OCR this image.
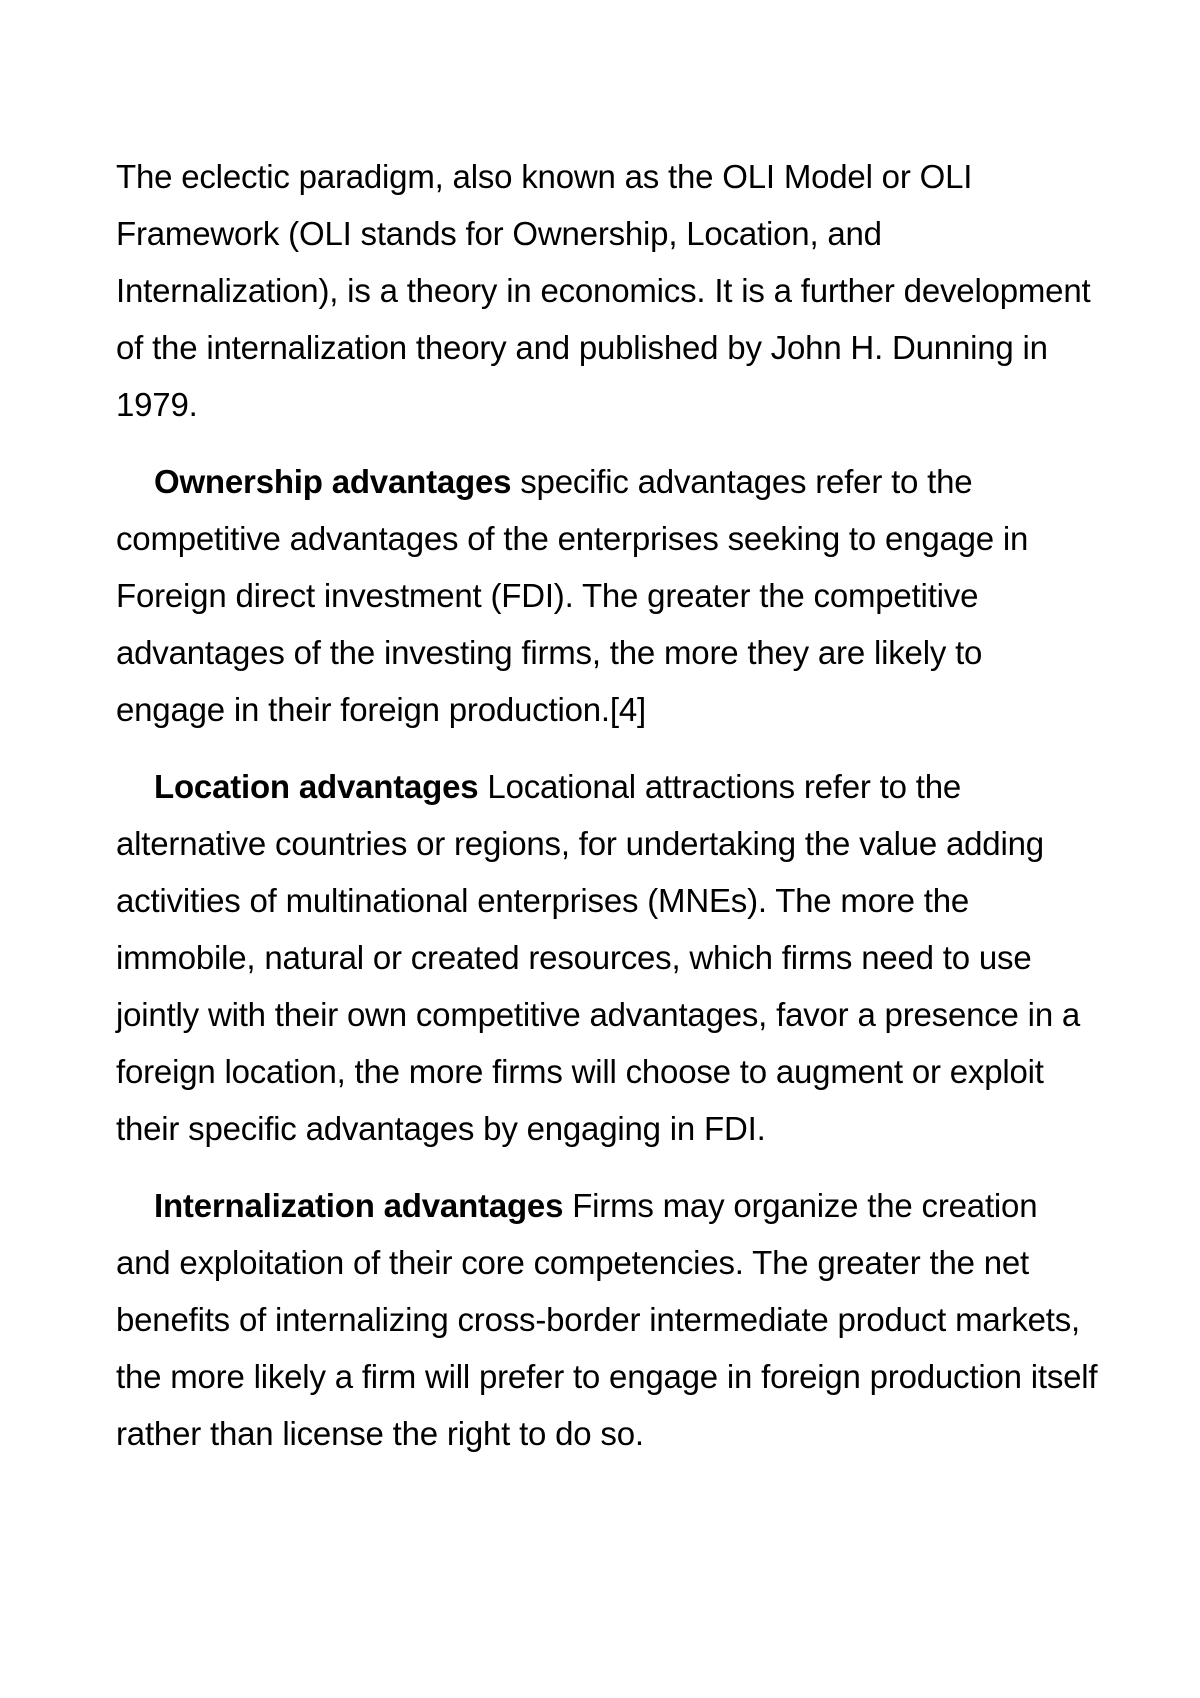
The eclectic paradigm, also known as the OLI Model or OLI Framework (OLI stands for Ownership, Location, and Internalization), is a theory in economics. It is a further development of the internalization theory and published by John H. Dunning in 1979.

Ownership advantages specific advantages refer to the competitive advantages of the enterprises seeking to engage in Foreign direct investment (FDI). The greater the competitive advantages of the investing firms, the more they are likely to engage in their foreign production.[4]

Location advantages Locational attractions refer to the alternative countries or regions, for undertaking the value adding activities of multinational enterprises (MNEs). The more the immobile, natural or created resources, which firms need to use jointly with their own competitive advantages, favor a presence in a foreign location, the more firms will choose to augment or exploit their specific advantages by engaging in FDI.

Internalization advantages Firms may organize the creation and exploitation of their core competencies. The greater the net benefits of internalizing cross-border intermediate product markets, the more likely a firm will prefer to engage in foreign production itself rather than license the right to do so.
